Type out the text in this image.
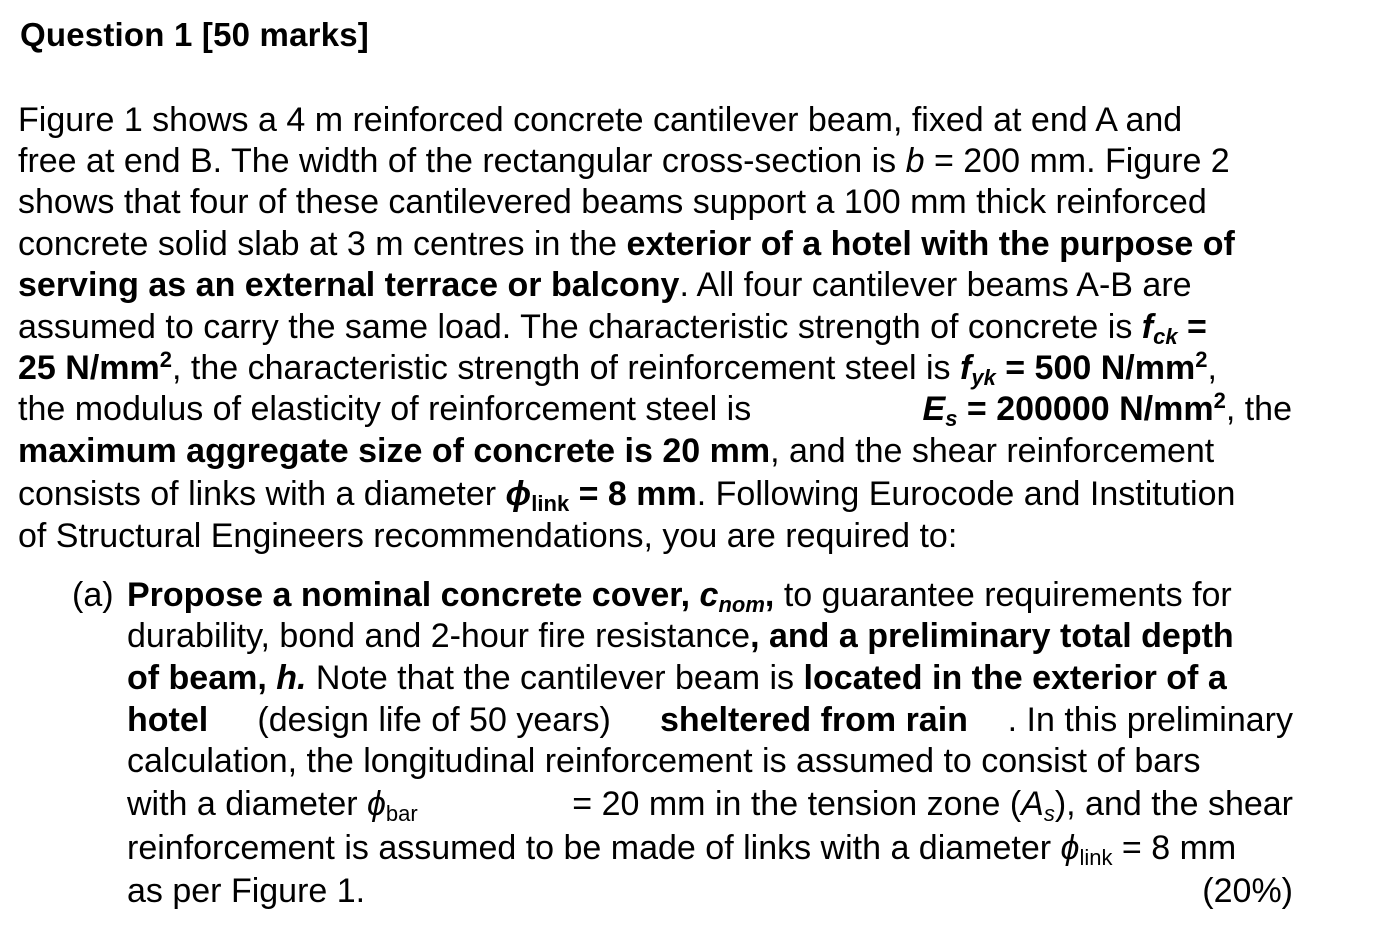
Question 1 [50 marks]
Figure 1 shows a 4 m reinforced concrete cantilever beam, fixed at end A and
free at end B. The width of the rectangular cross-section is b = 200 mm. Figure 2
shows that four of these cantilevered beams support a 100 mm thick reinforced
concrete solid slab at 3 m centres in the exterior of a hotel with the purpose of
serving as an external terrace or balcony. All four cantilever beams A-B are
assumed to carry the same load. The characteristic strength of concrete is $f_{ck}$ =
25 $N/mm^2$, the characteristic strength of reinforcement steel is $f_{yk} = 500$ $N/mm^2$,
the modulus of elasticity of reinforcement steel is	$E_s = 200000$ $N/mm^2$, the
maximum aggregate size of concrete is 20 mm, and the shear reinforcement
consists of links with a diameter $\phi_{link} = 8$ mm. Following Eurocode and Institution
of Structural Engineers recommendations, you are required to:
(a) Propose a nominal concrete cover, $c_{nom}$, to guarantee requirements for
durability, bond and 2-hour fire resistance, and a preliminary total depth
of beam, h. Note that the cantilever beam is located in the exterior of a
hotel (design life of 50 years) sheltered from rain . In this preliminary
calculation, the longitudinal reinforcement is assumed to consist of bars
with a diameter $\phi_{bar}$	= 20 mm in the tension zone $(A_s)$, and the shear
reinforcement is assumed to be made of links with a diameter $\phi_{link} = 8$ mm
as per Figure 1.	(20%)
